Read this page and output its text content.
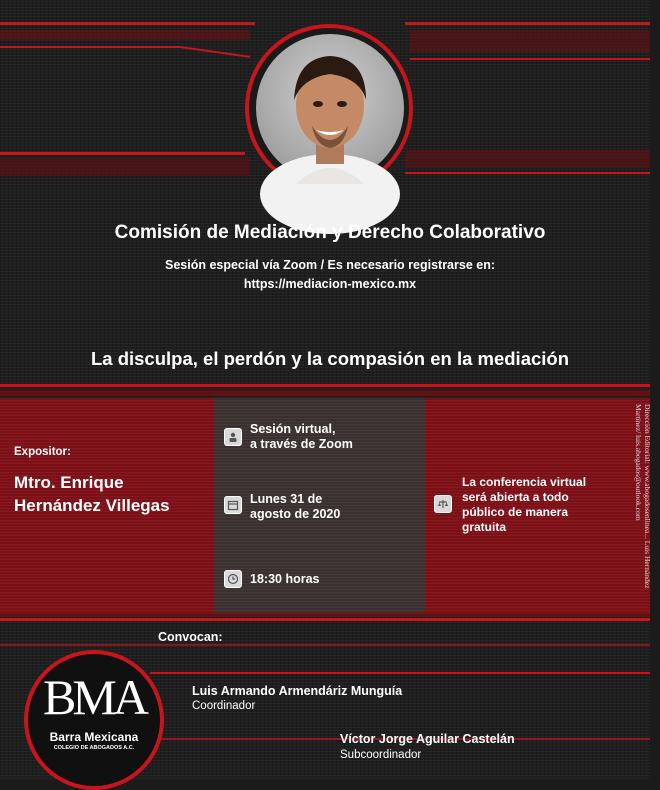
Comisión de Mediación y Derecho Colaborativo
Sesión especial vía Zoom / Es necesario registrarse en:
https://mediacion-mexico.mx
La disculpa, el perdón y la compasión en la mediación
Expositor:
Mtro. Enrique
Hernández Villegas
Sesión virtual,
a través de Zoom
Lunes 31 de
agosto de 2020
18:30 horas
La conferencia virtual
será abierta a todo
público de manera
gratuita	Dirección Editorial: www.abogadosenlinea... Luis Hernández Martínez/ luis.abogados@outlook.com
Convocan:
BMA
Barra Mexicana
COLEGIO DE ABOGADOS A.C.
Luis Armando Armendáriz Munguía
Coordinador
Víctor Jorge Aguilar Castelán
Subcoordinador
